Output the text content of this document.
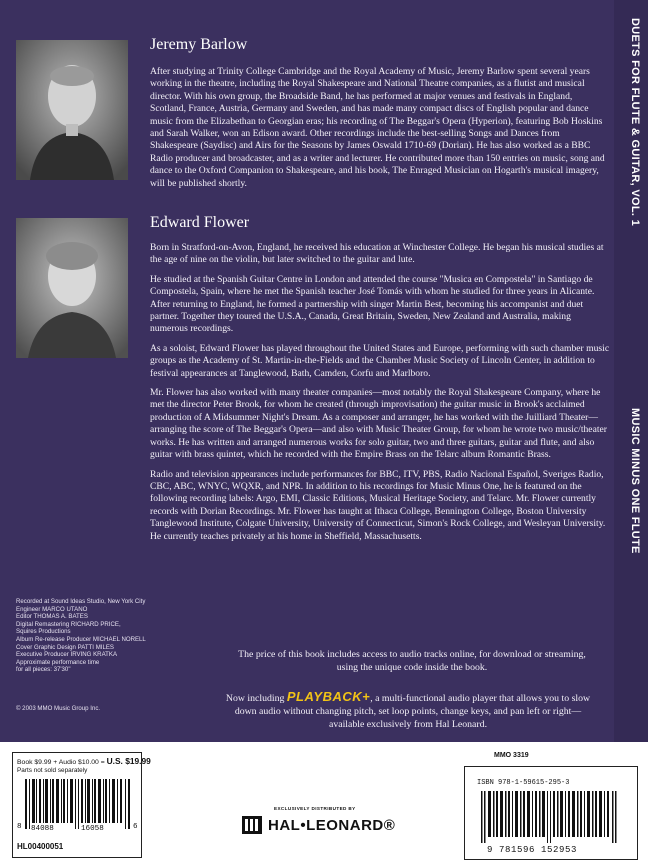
DUETS FOR FLUTE & GUITAR, VOL. 1
MUSIC MINUS ONE FLUTE
Jeremy Barlow

After studying at Trinity College Cambridge and the Royal Academy of Music, Jeremy Barlow spent several years working in the theatre, including the Royal Shakespeare and National Theatre companies, as a flutist and musical director. With his own group, the Broadside Band, he has performed at major venues and festivals in England, Scotland, France, Austria, Germany and Sweden, and has made many compact discs of English popular and dance music from the Elizabethan to Georgian eras; his recording of The Beggar's Opera (Hyperion), featuring Bob Hoskins and Sarah Walker, won an Edison award. Other recordings include the best-selling Songs and Dances from Shakespeare (Saydisc) and Airs for the Seasons by James Oswald 1710-69 (Dorian). He has also worked as a BBC Radio producer and broadcaster, and as a writer and lecturer. He contributed more than 150 entries on music, song and dance to the Oxford Companion to Shakespeare, and his book, The Enraged Musician on Hogarth's musical imagery, will be published shortly.

Edward Flower

Born in Stratford-on-Avon, England, he received his education at Winchester College. He began his musical studies at the age of nine on the violin, but later switched to the guitar and lute.

He studied at the Spanish Guitar Centre in London and attended the course "Musica en Compostela" in Santiago de Compostela, Spain, where he met the Spanish teacher José Tomás with whom he studied for three years in Alicante. After returning to England, he formed a partnership with singer Martin Best, becoming his accompanist and duet partner. Together they toured the U.S.A., Canada, Great Britain, Sweden, New Zealand and Australia, making numerous recordings.

As a soloist, Edward Flower has played throughout the United States and Europe, performing with such chamber music groups as the Academy of St. Martin-in-the-Fields and the Chamber Music Society of Lincoln Center, in addition to festival appearances at Tanglewood, Bath, Camden, Corfu and Marlboro.

Mr. Flower has also worked with many theater companies—most notably the Royal Shakespeare Company, where he met the director Peter Brook, for whom he created (through improvisation) the guitar music in Brook's acclaimed production of A Midsummer Night's Dream. As a composer and arranger, he has worked with the Juilliard Theater—arranging the score of The Beggar's Opera—and also with Music Theater Group, for whom he wrote two music/theater works. He has written and arranged numerous works for solo guitar, two and three guitars, guitar and flute, and also guitar with brass quintet, which he recorded with the Empire Brass on the Telarc album Romantic Brass.

Radio and television appearances include performances for BBC, ITV, PBS, Radio Nacional Español, Sveriges Radio, CBC, ABC, WNYC, WQXR, and NPR. In addition to his recordings for Music Minus One, he is featured on the following recording labels: Argo, EMI, Classic Editions, Musical Heritage Society, and Telarc. Mr. Flower currently records with Dorian Recordings. Mr. Flower has taught at Ithaca College, Bennington College, Boston University Tanglewood Institute, Colgate University, University of Connecticut, Simon's Rock College, and Wesleyan University. He currently teaches privately at his home in Sheffield, Massachusetts.

Recorded at Sound Ideas Studio, New York City
Engineer MARCO UTANO
Editor THOMAS A. BATES
Digital Remastering RICHARD PRICE,
Squires Productions
Album Re-release Producer MICHAEL NORELL
Cover Graphic Design PATTI MILES
Executive Producer IRVING KRATKA
Approximate performance time
for all pieces: 37'30"
© 2003 MMO Music Group Inc.
The price of this book includes access to audio tracks online, for download or streaming, using the unique code inside the book.
Now including PLAYBACK+, a multi-functional audio player that allows you to slow down audio without changing pitch, set loop points, change keys, and pan left or right—available exclusively from Hal Leonard.
Book $9.99 + Audio $10.00 = U.S. $19.99
Parts not sold separately
8 84088	16058	6
HL00400051
EXCLUSIVELY DISTRIBUTED BY
HAL•LEONARD®
MMO 3319
ISBN 978-1-59615-295-3
9 781596 152953
